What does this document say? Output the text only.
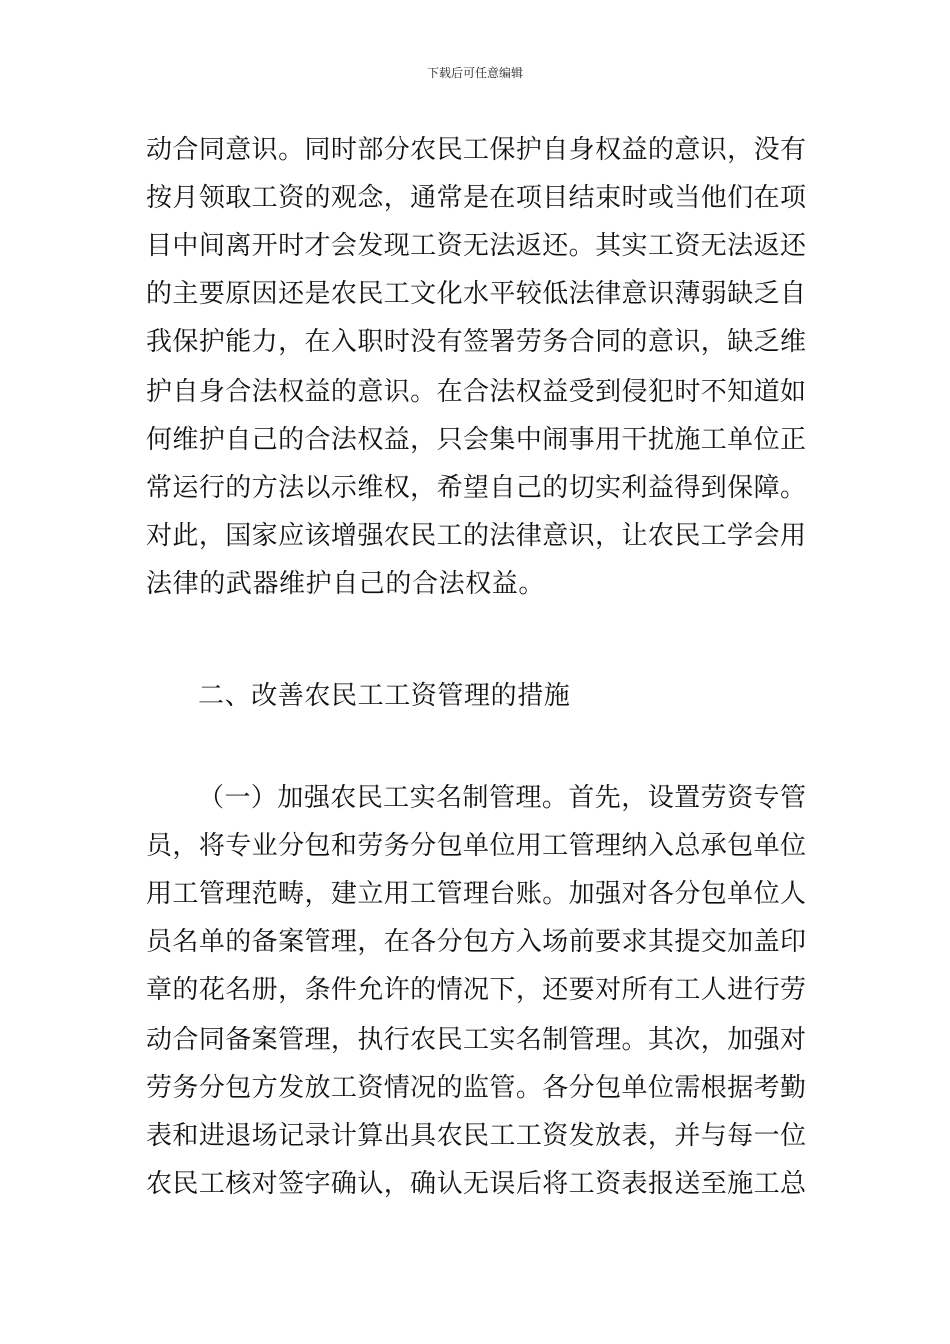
下载后可任意编辑
动合同意识。同时部分农民工保护自身权益的意识，没有
按月领取工资的观念，通常是在项目结束时或当他们在项
目中间离开时才会发现工资无法返还。其实工资无法返还
的主要原因还是农民工文化水平较低法律意识薄弱缺乏自
我保护能力，在入职时没有签署劳务合同的意识，缺乏维
护自身合法权益的意识。在合法权益受到侵犯时不知道如
何维护自己的合法权益，只会集中闹事用干扰施工单位正
常运行的方法以示维权，希望自己的切实利益得到保障。
对此，国家应该增强农民工的法律意识，让农民工学会用
法律的武器维护自己的合法权益。
二、改善农民工工资管理的措施
（一）加强农民工实名制管理。首先，设置劳资专管
员，将专业分包和劳务分包单位用工管理纳入总承包单位
用工管理范畴，建立用工管理台账。加强对各分包单位人
员名单的备案管理，在各分包方入场前要求其提交加盖印
章的花名册，条件允许的情况下，还要对所有工人进行劳
动合同备案管理，执行农民工实名制管理。其次，加强对
劳务分包方发放工资情况的监管。各分包单位需根据考勤
表和进退场记录计算出具农民工工资发放表，并与每一位
农民工核对签字确认，确认无误后将工资表报送至施工总
